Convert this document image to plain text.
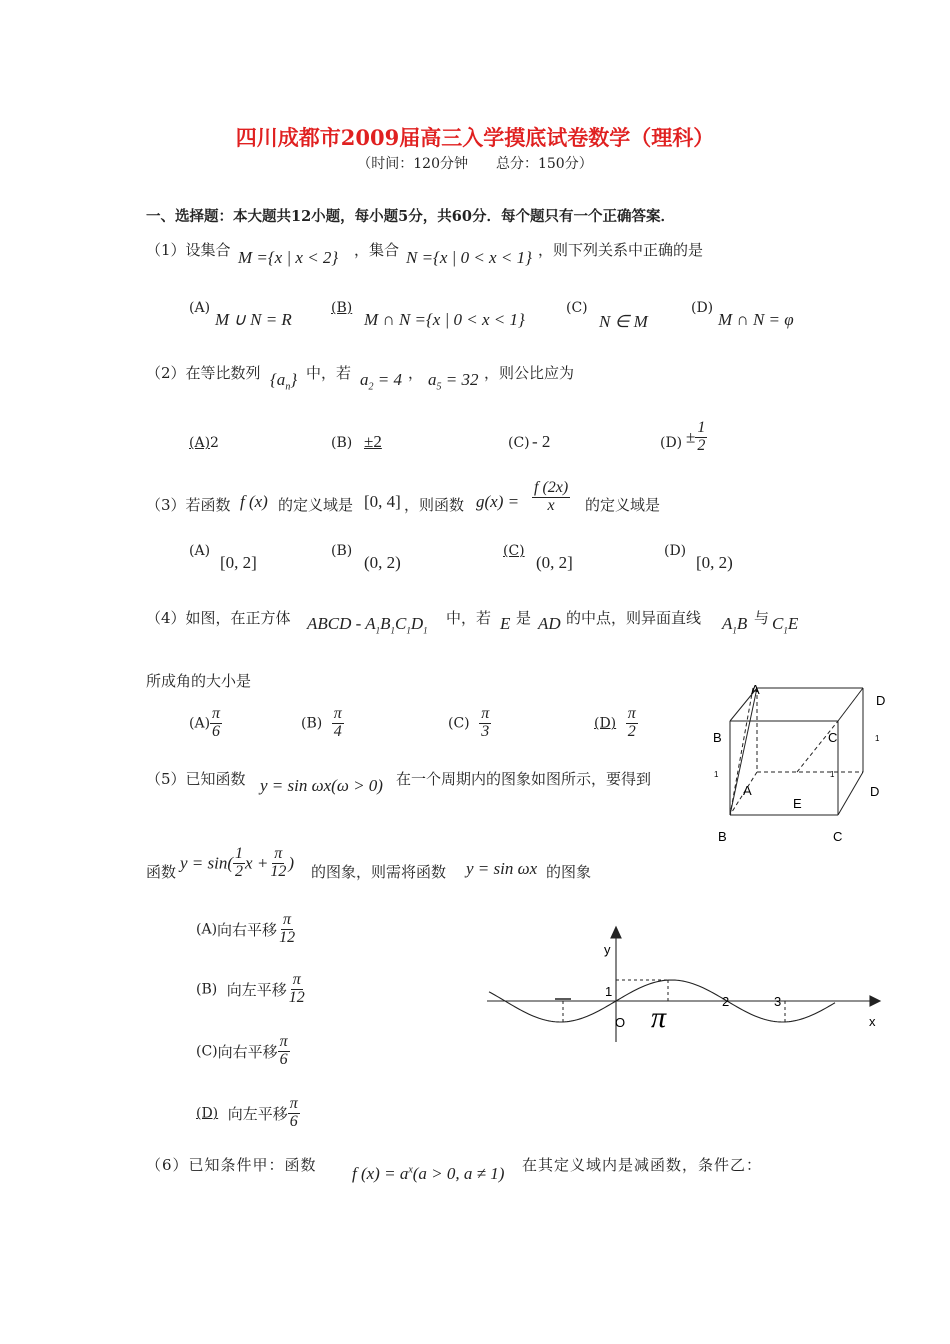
四川成都市2009届高三入学摸底试卷数学（理科）
（时间：120分钟　　总分：150分）
一、选择题：本大题共12小题，每小题5分，共60分．每个题只有一个正确答案．
（1）设集合 M ={x | x < 2} ，集合 N ={x | 0 < x < 1} ，则下列关系中正确的是
(A)
M ∪ N = R
(B)
M ∩ N ={x | 0 < x < 1}
(C)
N ∈ M
(D)
M ∩ N = φ
（2）在等比数列 $\{a_n\}$ 中，若 $a_2 = 4$ ， $a_5 = 32$ ，则公比应为
(A)2	(B) ±2	(C) - 2	$(D) \pm \frac{1}{2}$
（3）若函数 f (x) 的定义域是 [0, 4] ，则函数 $g(x) = \frac{f (2x)}{x}$ 的定义域是
(A)
[0, 2]
(B)
(0, 2)
(C)
(0, 2]
(D)
[0, 2)
（4）如图，在正方体 ABCD - $A_1B_1C_1D_1$
中，若 E 是 AD 的中点，则异面直线 $A_1B$ 与 $C_1E$
所成角的大小是
$(A) \frac{\pi}{6}$	$(B) \frac{\pi}{4}$	$(C) \frac{\pi}{3}$	$(D) \frac{\pi}{2}$
A
D
1
B
1
C
1
A	D
E
B	C
（5）已知函数 y = sin ωx(ω > 0) 在一个周期内的图象如图所示，要得到
函数 $y = \sin( \frac{1}{2}$ $x + \frac{\pi}{12}$ ) 的图象，则需将函数 y = sin ωx 的图象
(A)向右平移 $\frac{\pi}{12}$
(B) 向左平移 $\frac{\pi}{12}$
(C)向右平移 $\frac{\pi}{6}$
(D) 向左平移 $\frac{\pi}{6}$
y
x
O
1
π	2	3
（6）已知条件甲：函数 f $(x) = a^x(a > 0$, a ≠ 1) 在其定义域内是减函数，条件乙：
